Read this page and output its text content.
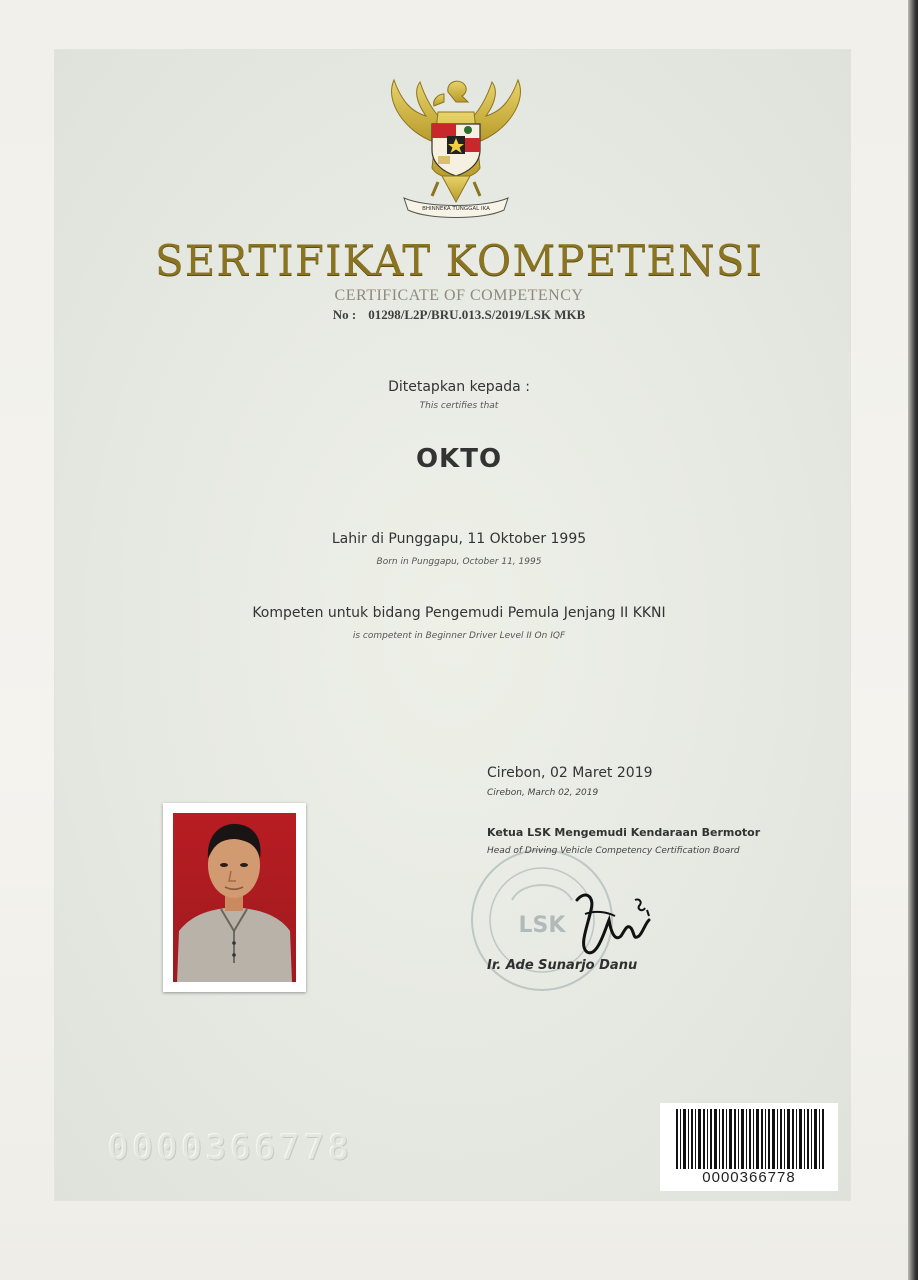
BHINNEKA TUNGGAL IKA
SERTIFIKAT KOMPETENSI
CERTIFICATE OF COMPETENCY
No : 01298/L2P/BRU.013.S/2019/LSK MKB
Ditetapkan kepada :
This certifies that
OKTO
Lahir di Punggapu, 11 Oktober 1995
Born in Punggapu, October 11, 1995
Kompeten untuk bidang Pengemudi Pemula Jenjang II KKNI
is competent in Beginner Driver Level II On IQF
LSK
Cirebon, 02 Maret 2019
Cirebon, March 02, 2019
Ketua LSK Mengemudi Kendaraan Bermotor
Head of Driving Vehicle Competency Certification Board
Ir. Ade Sunarjo Danu
0000366778
0000366778
